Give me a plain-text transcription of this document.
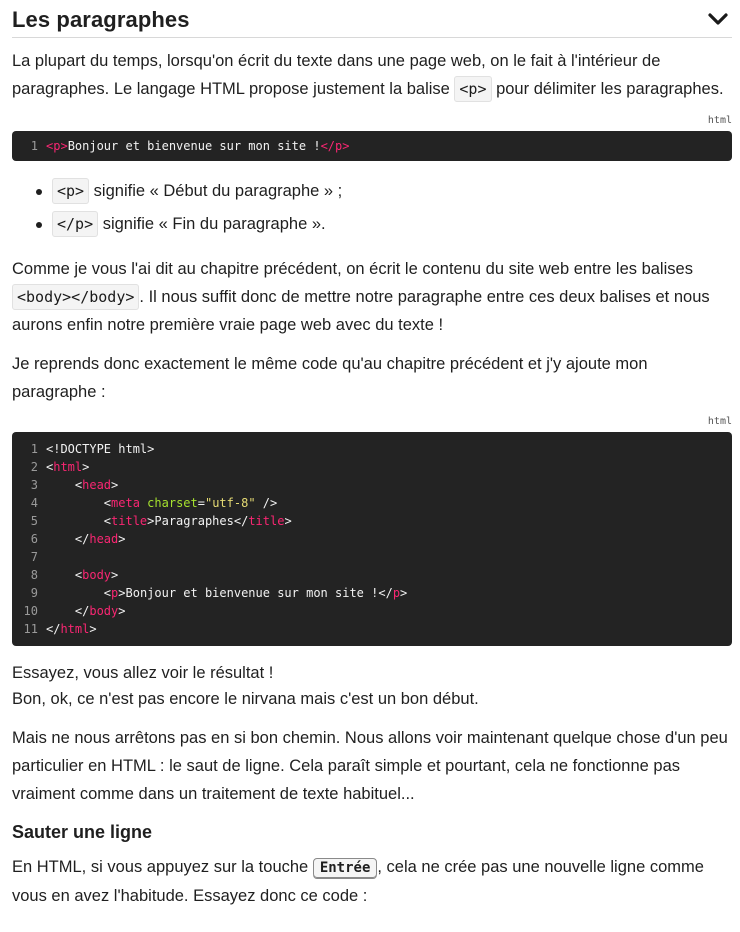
Les paragraphes

La plupart du temps, lorsqu'on écrit du texte dans une page web, on le fait à l'intérieur de paragraphes. Le langage HTML propose justement la balise <p> pour délimiter les paragraphes.

html
1 <p> Bonjour et bienvenue sur mon site ! </p>
<p> signifie « Début du paragraphe » ;
</p> signifie « Fin du paragraphe ».

Comme je vous l'ai dit au chapitre précédent, on écrit le contenu du site web entre les balises <body></body> . Il nous suffit donc de mettre notre paragraphe entre ces deux balises et nous aurons enfin notre première vraie page web avec du texte !

Je reprends donc exactement le même code qu'au chapitre précédent et j'y ajoute mon paragraphe :

html
1 <!DOCTYPE html>
2 < html >
3 < head >
4 < meta
charset = "utf-8" />
5 < title >Paragraphes</ title >
6 </ head >
7
8 < body >
9 < p >Bonjour et bienvenue sur mon site !</ p >
10 </ body >
11 </ html >

Essayez, vous allez voir le résultat !
Bon, ok, ce n'est pas encore le nirvana mais c'est un bon début.

Mais ne nous arrêtons pas en si bon chemin. Nous allons voir maintenant quelque chose d'un peu particulier en HTML : le saut de ligne. Cela paraît simple et pourtant, cela ne fonctionne pas vraiment comme dans un traitement de texte habituel...

Sauter une ligne

En HTML, si vous appuyez sur la touche Entrée , cela ne crée pas une nouvelle ligne comme vous en avez l'habitude. Essayez donc ce code :
